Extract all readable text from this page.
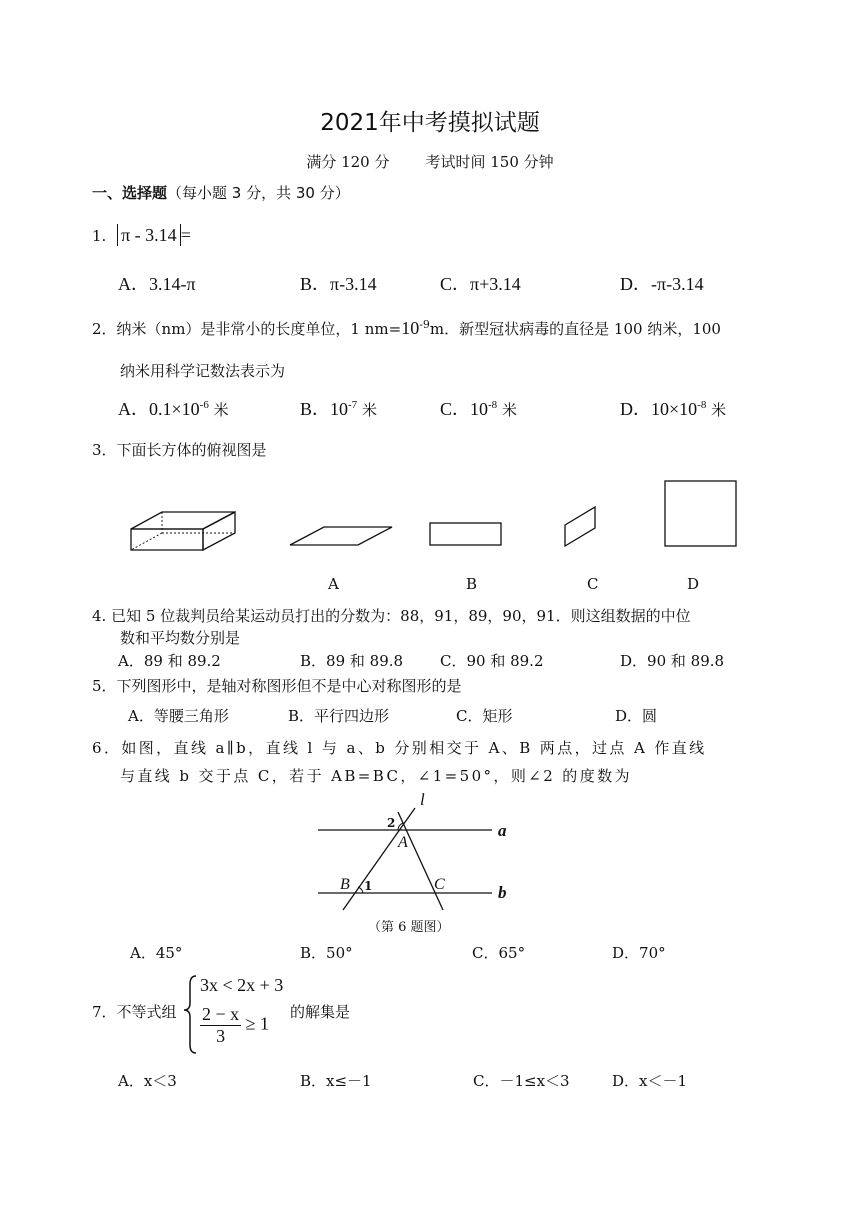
2021年中考摸拟试题
满分 120 分 考试时间 150 分钟
一、选择题（每小题 3 分，共 30 分）
1. π - 3.14 =
A．3.14-π	B．π-3.14	C．π+3.14	D．-π-3.14
2．纳米（nm）是非常小的长度单位，1 $nm=10^{-9}m$．新型冠状病毒的直径是 100 纳米，100
纳米用科学记数法表示为
A．$0.1\times 10^{-6}$ 米	B．$10^{-7}$ 米	C．$10^{-8}$ 米	D．$10\times 10^{-8}$ 米
3．下面长方体的俯视图是
A	B	C	D
4. 已知 5 位裁判员给某运动员打出的分数为：88，91，89，90，91．则这组数据的中位
数和平均数分别是
A．89 和 89.2	B．89 和 89.8 C．90 和 89.2	D．90 和 89.8
5．下列图形中，是轴对称图形但不是中心对称图形的是
A．等腰三角形	B．平行四边形	C．矩形	D．圆
6．如图，直线 a∥b，直线 l 与 a、b 分别相交于 A、B 两点，过点 A 作直线
与直线 b 交于点 C，若于 AB=BC，∠1=50°，则∠2 的度数为
l
a
b
A
B	C
1
2
（第 6 题图）
A．45°	B．50°	C．65°	D．70°
7．不等式组
3x < 2x + 3
$\frac{2 - x}{3} \ge 1$
的解集是
A．x＜3	B．x≤－1	C．－1≤x＜3	D．x＜－1
